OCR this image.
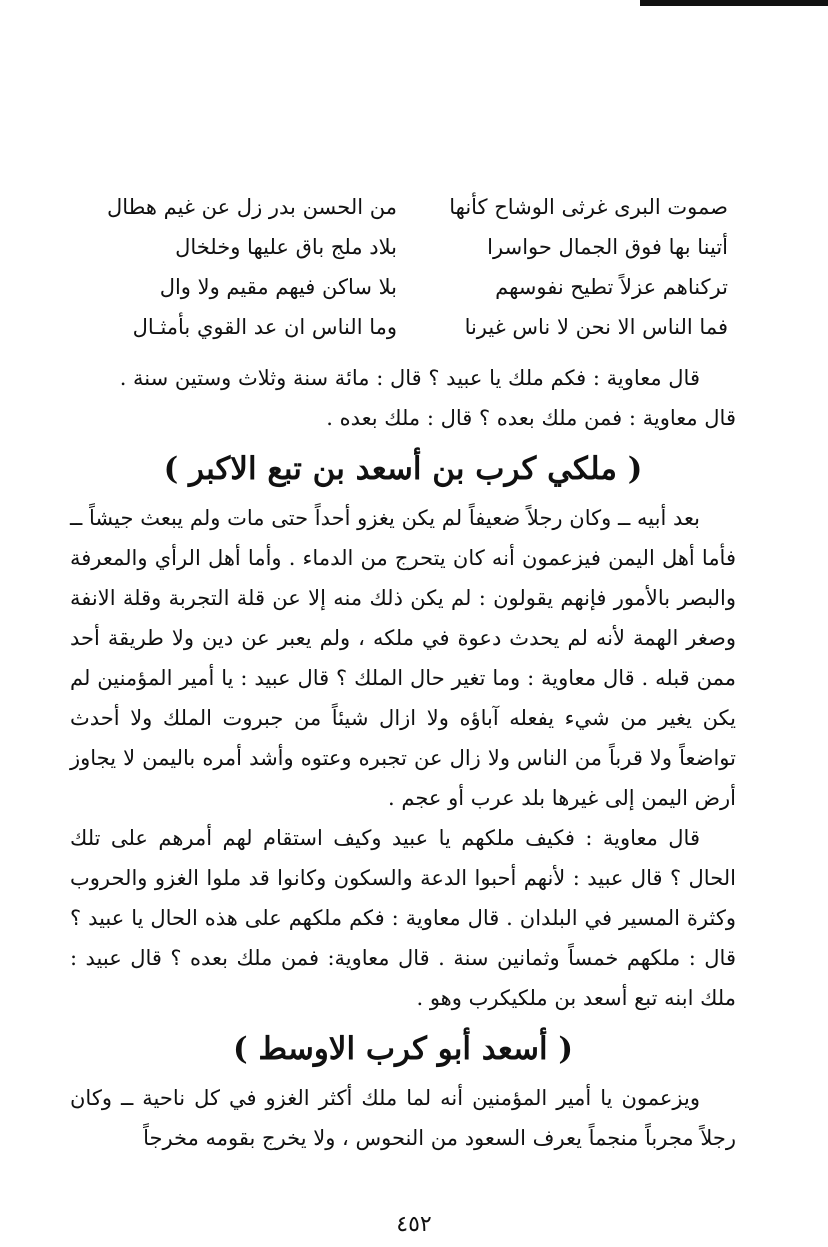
صموت البرى غرثى الوشاح كأنها
من الحسن بدر زل عن غيم هطال
أتينا بها فوق الجمال حواسرا
بلاد ملج باق عليها وخلخال
تركناهم عزلاً تطيح نفوسهم
بلا ساكن فيهم مقيم ولا وال
فما الناس الا نحن لا ناس غيرنا
وما الناس ان عد القوي بأمثـال

قال معاوية : فكم ملك يا عبيد ؟ قال : مائة سنة وثلاث وستين سنة .

قال معاوية : فمن ملك بعده ؟ قال : ملك بعده .

( ملكي كرب بن أسعد بن تبع الاكبر )

بعد أبيه ــ وكان رجلاً ضعيفاً لم يكن يغزو أحداً حتى مات ولم يبعث جيشاً ــ فأما أهل اليمن فيزعمون أنه كان يتحرج من الدماء . وأما أهل الرأي والمعرفة والبصر بالأمور فإنهم يقولون : لم يكن ذلك منه إلا عن قلة التجربة وقلة الانفة وصغر الهمة لأنه لم يحدث دعوة في ملكه ، ولم يعبر عن دين ولا طريقة أحد ممن قبله . قال معاوية : وما تغير حال الملك ؟ قال عبيد : يا أمير المؤمنين لم يكن يغير من شيء يفعله آباؤه ولا ازال شيئاً من جبروت الملك ولا أحدث تواضعاً ولا قرباً من الناس ولا زال عن تجبره وعتوه وأشد أمره باليمن لا يجاوز أرض اليمن إلى غيرها بلد عرب أو عجم .

قال معاوية : فكيف ملكهم يا عبيد وكيف استقام لهم أمرهم على تلك الحال ؟ قال عبيد : لأنهم أحبوا الدعة والسكون وكانوا قد ملوا الغزو والحروب وكثرة المسير في البلدان . قال معاوية : فكم ملكهم على هذه الحال يا عبيد ؟ قال : ملكهم خمساً وثمانين سنة . قال معاوية: فمن ملك بعده ؟ قال عبيد : ملك ابنه تبع أسعد بن ملكيكرب وهو .

( أسعد أبو كرب الاوسط )

ويزعمون يا أمير المؤمنين أنه لما ملك أكثر الغزو في كل ناحية ــ وكان رجلاً مجرباً منجماً يعرف السعود من النحوس ، ولا يخرج بقومه مخرجاً

٤٥٢
